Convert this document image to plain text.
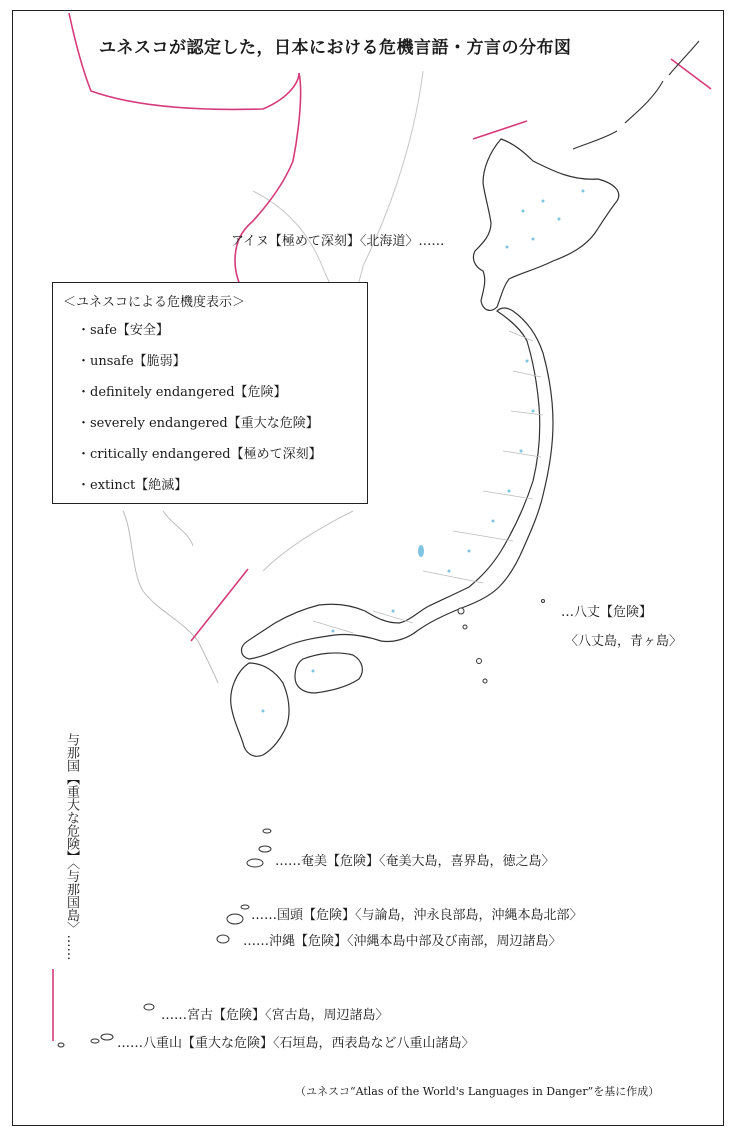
ユネスコが認定した，日本における危機言語・方言の分布図
アイヌ【極めて深刻】〈北海道〉……
＜ユネスコによる危機度表示＞
・safe【安全】
・unsafe【脆弱】
・definitely endangered【危険】
・severely endangered【重大な危険】
・critically endangered【極めて深刻】
・extinct【絶滅】
…八丈【危険】
〈八丈島，青ヶ島〉
……奄美【危険】〈奄美大島，喜界島，徳之島〉
……国頭【危険】〈与論島，沖永良部島，沖縄本島北部〉
……沖縄【危険】〈沖縄本島中部及び南部，周辺諸島〉
……宮古【危険】〈宮古島，周辺諸島〉
……八重山【重大な危険】〈石垣島，西表島など八重山諸島〉
与那国【重大な危険】〈与那国島〉……
（ユネスコ“Atlas of the World's Languages in Danger”を基に作成）
